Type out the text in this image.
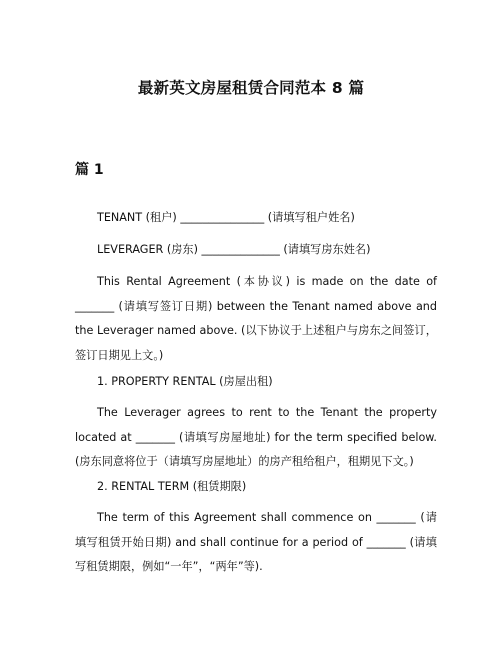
最新英文房屋租赁合同范本 8 篇
篇 1

TENANT (租户) _______________ (请填写租户姓名)

LEVERAGER (房东) ______________ (请填写房东姓名)

This Rental Agreement (本协议) is made on the date of _______ (请填写签订日期) between the Tenant named above and the Leverager named above. (以下协议于上述租户与房东之间签订，签订日期见上文。)

1. PROPERTY RENTAL (房屋出租)

The Leverager agrees to rent to the Tenant the property located at _______ (请填写房屋地址) for the term specified below. (房东同意将位于（请填写房屋地址）的房产租给租户，租期见下文。)

2. RENTAL TERM (租赁期限)

The term of this Agreement shall commence on _______ (请填写租赁开始日期) and shall continue for a period of _______ (请填写租赁期限，例如“一年”，“两年”等).
